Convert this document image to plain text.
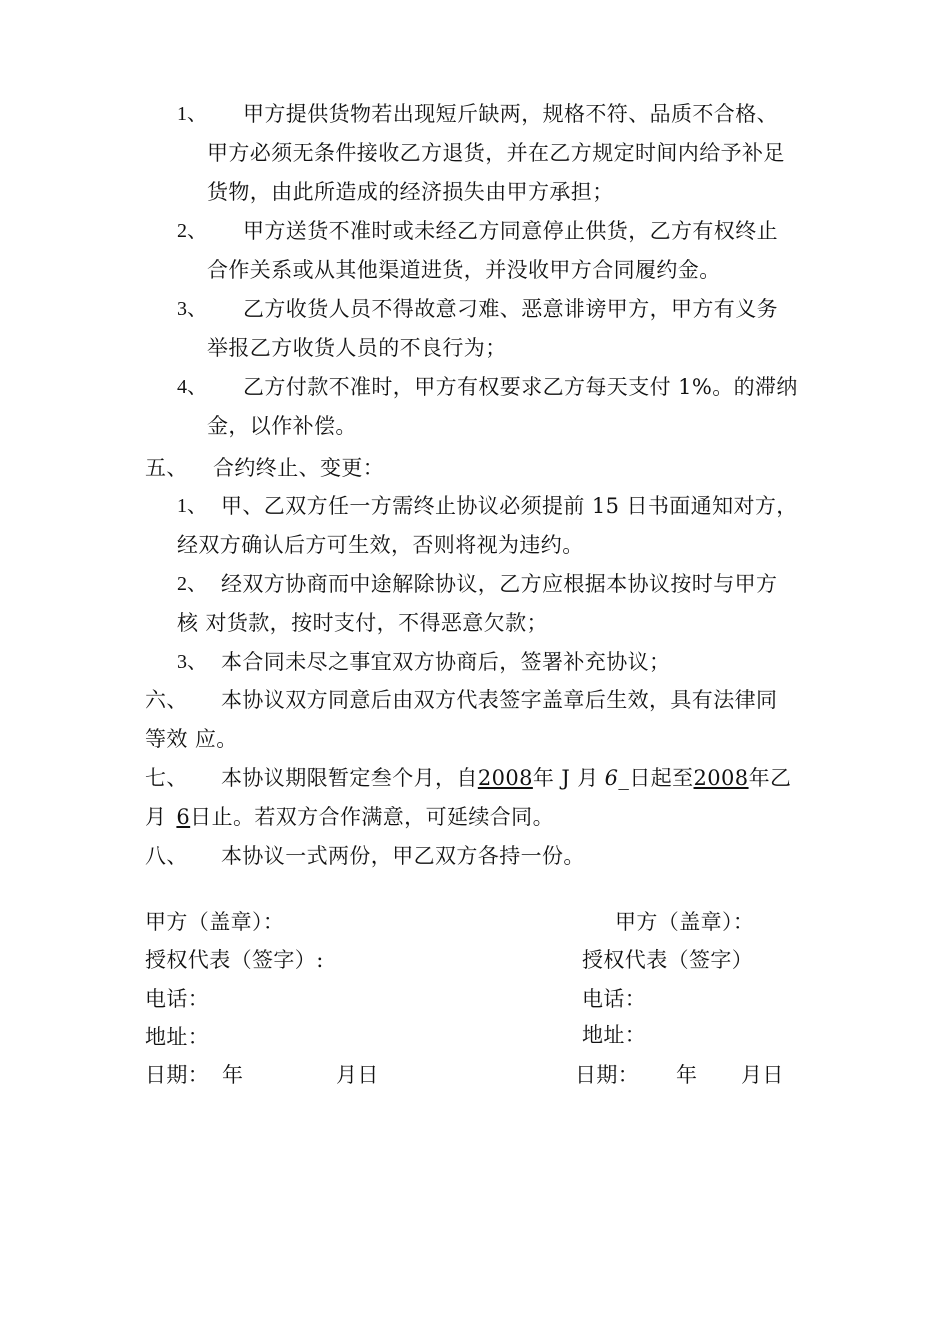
1、 甲方提供货物若出现短斤缺两，规格不符、品质不合格、
甲方必须无条件接收乙方退货，并在乙方规定时间内给予补足
货物，由此所造成的经济损失由甲方承担；
2、 甲方送货不准时或未经乙方同意停止供货，乙方有权终止
合作关系或从其他渠道进货，并没收甲方合同履约金。
3、 乙方收货人员不得故意刁难、恶意诽谤甲方，甲方有义务
举报乙方收货人员的不良行为；
4、 乙方付款不准时，甲方有权要求乙方每天支付 1%。的滞纳
金，以作补偿。
五、 合约终止、变更：
1、 甲、乙双方任一方需终止协议必须提前 15 日书面通知对方，
经双方确认后方可生效，否则将视为违约。
2、 经双方协商而中途解除协议，乙方应根据本协议按时与甲方
核 对货款，按时支付，不得恶意欠款；
3、 本合同未尽之事宜双方协商后，签署补充协议；
六、 本协议双方同意后由双方代表签字盖章后生效，具有法律同
等效 应。
七、 本协议期限暂定叁个月，自2008年 J 月 6_日起至2008年乙
月 6日止。若双方合作满意，可延续合同。
八、 本协议一式两份，甲乙双方各持一份。
甲方（盖章）：
授权代表（签字）:
电话：
地址：
日期： 年	月日
甲方（盖章）：
授权代表（签字）
电话：
地址：
日期： 年 月日
